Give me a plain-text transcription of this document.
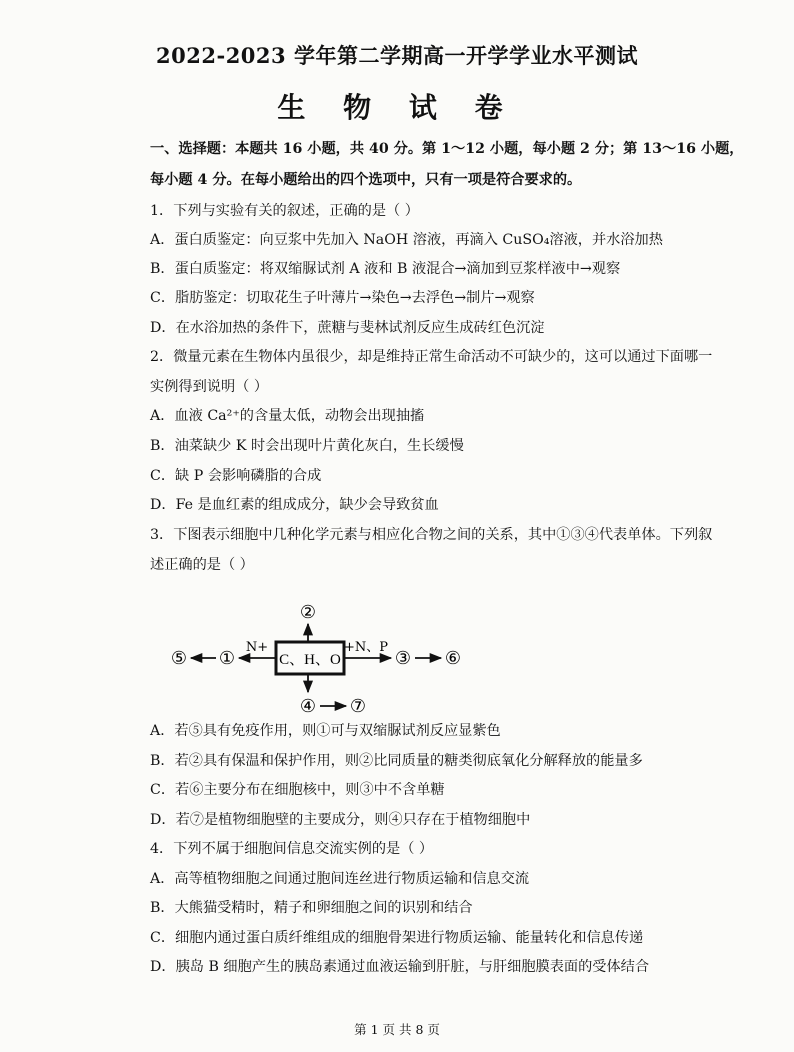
2022-2023 学年第二学期高一开学学业水平测试
生 物 试 卷
一、选择题：本题共 16 小题，共 40 分。第 1～12 小题，每小题 2 分；第 13～16 小题，
每小题 4 分。在每小题给出的四个选项中，只有一项是符合要求的。
1．下列与实验有关的叙述，正确的是（ ）
A．蛋白质鉴定：向豆浆中先加入 NaOH 溶液，再滴入 CuSO₄溶液，并水浴加热
B．蛋白质鉴定：将双缩脲试剂 A 液和 B 液混合→滴加到豆浆样液中→观察
C．脂肪鉴定：切取花生子叶薄片→染色→去浮色→制片→观察
D．在水浴加热的条件下，蔗糖与斐林试剂反应生成砖红色沉淀
2．微量元素在生物体内虽很少，却是维持正常生命活动不可缺少的，这可以通过下面哪一
实例得到说明（ ）
A．血液 Ca²⁺的含量太低，动物会出现抽搐
B．油菜缺少 K 时会出现叶片黄化灰白，生长缓慢
C．缺 P 会影响磷脂的合成
D．Fe 是血红素的组成成分，缺少会导致贫血
3．下图表示细胞中几种化学元素与相应化合物之间的关系，其中①③④代表单体。下列叙
述正确的是（ ）
C、H、O
②
N+
①
⑤
+N、P
③ ⑥
④ ⑦
A．若⑤具有免疫作用，则①可与双缩脲试剂反应显紫色
B．若②具有保温和保护作用，则②比同质量的糖类彻底氧化分解释放的能量多
C．若⑥主要分布在细胞核中，则③中不含单糖
D．若⑦是植物细胞壁的主要成分，则④只存在于植物细胞中
4．下列不属于细胞间信息交流实例的是（ ）
A．高等植物细胞之间通过胞间连丝进行物质运输和信息交流
B．大熊猫受精时，精子和卵细胞之间的识别和结合
C．细胞内通过蛋白质纤维组成的细胞骨架进行物质运输、能量转化和信息传递
D．胰岛 B 细胞产生的胰岛素通过血液运输到肝脏，与肝细胞膜表面的受体结合
第 1 页 共 8 页
